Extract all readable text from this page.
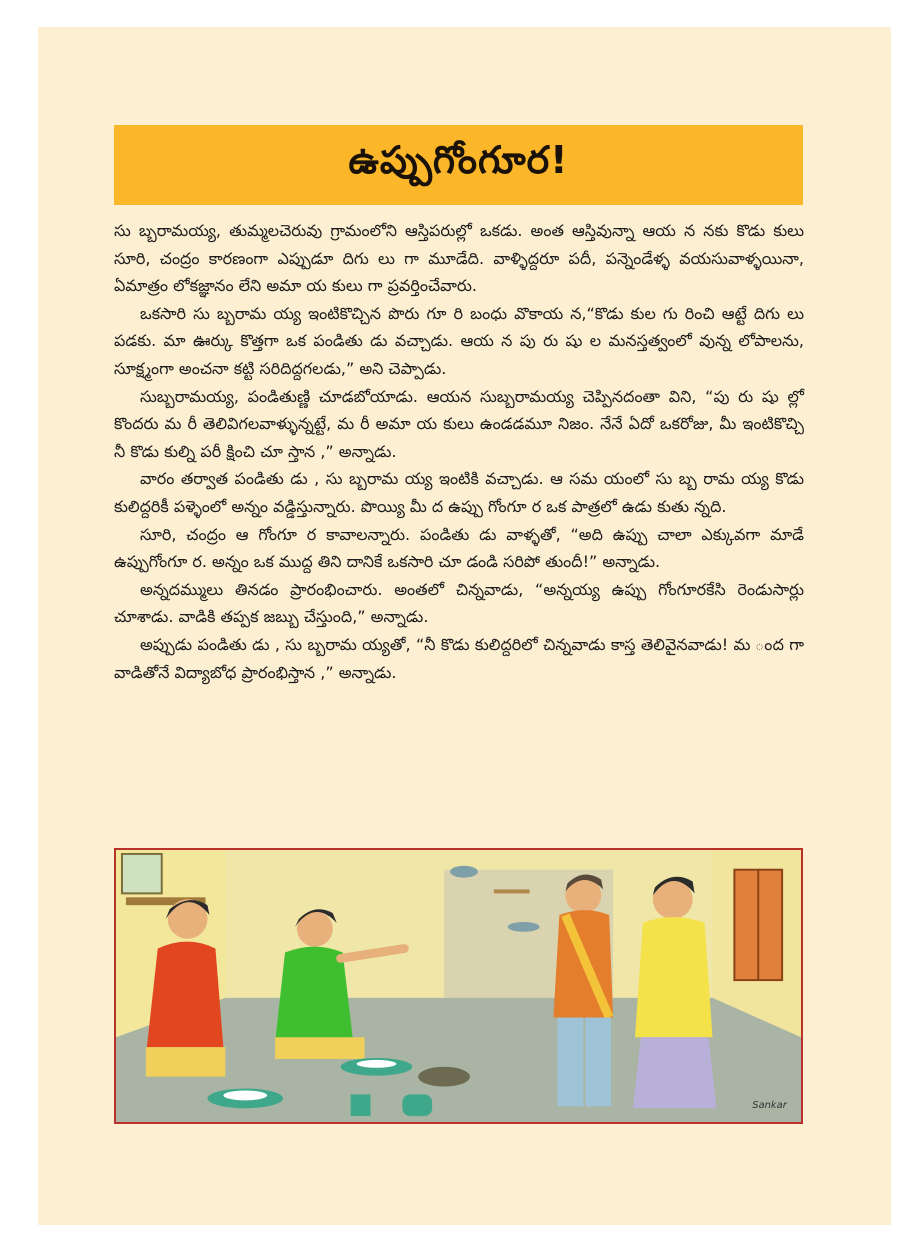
ఉప్పుగోంగూర!

సు బ్బరామయ్య, తుమ్మలచెరువు గ్రామంలోని ఆస్తిపరుల్లో ఒకడు. అంత ఆస్తివున్నా ఆయ న నకు కొడు కులు సూరి, చంద్రం కారణంగా ఎప్పుడూ దిగు లు గా మూడేది. వాళ్ళిద్దరూ పదీ, పన్నెండేళ్ళ వయసువాళ్ళయినా, ఏమాత్రం లోకజ్ఞానం లేని అమా య కులు గా ప్రవర్తించేవారు.

ఒకసారి సు బ్బరామ య్య ఇంటికొచ్చిన పొరు గూ రి బంధు వొకాయ న,“కొడు కుల గు రించి ఆట్టే దిగు లు పడకు. మా ఊర్కు కొత్తగా ఒక పండితు డు వచ్చాడు. ఆయ న పు రు షు ల మనస్తత్వంలో వున్న లోపాలను, సూక్ష్మంగా అంచనా కట్టి సరిదిద్దగలడు,” అని చెప్పాడు.

సుబ్బరామయ్య, పండితుణ్ణి చూడబోయాడు. ఆయన సుబ్బరామయ్య చెప్పినదంతా విని, “పు రు షు ల్లో కొందరు మ రీ తెలివిగలవాళ్ళున్నట్టే, మ రీ అమా య కులు ఉండడమూ నిజం. నేనే ఏదో ఒకరోజు, మీ ఇంటికొచ్చి నీ కొడు కుల్ని పరీ క్షించి చూ స్తాన ,” అన్నాడు.

వారం తర్వాత పండితు డు , సు బ్బరామ య్య ఇంటికి వచ్చాడు. ఆ సమ యంలో సు బ్బ రామ య్య కొడు కులిద్దరికీ పళ్ళెంలో అన్నం వడ్డిస్తున్నారు. పొయ్యి మీ ద ఉప్పు గోంగూ ర ఒక పాత్రలో ఉడు కుతు న్నది.

సూరి, చంద్రం ఆ గోంగూ ర కావాలన్నారు. పండితు డు వాళ్ళతో, “అది ఉప్పు చాలా ఎక్కువగా మాడే ఉప్పుగోంగూ ర. అన్నం ఒక ముద్ద తిని దానికే ఒకసారి చూ డండి సరిపో తుందీ!” అన్నాడు.

అన్నదమ్ములు తినడం ప్రారంభించారు. అంతలో చిన్నవాడు, “అన్నయ్య ఉప్పు గోంగూరకేసి రెండుసార్లు చూశాడు. వాడికి తప్పక జబ్బు చేస్తుంది,” అన్నాడు.

అప్పుడు పండితు డు , సు బ్బరామ య్యతో, “నీ కొడు కులిద్దరిలో చిన్నవాడు కాస్త తెలివైనవాడు! మ ంద గా వాడితోనే విద్యాబోధ ప్రారంభిస్తాన ,” అన్నాడు.

Sankar
